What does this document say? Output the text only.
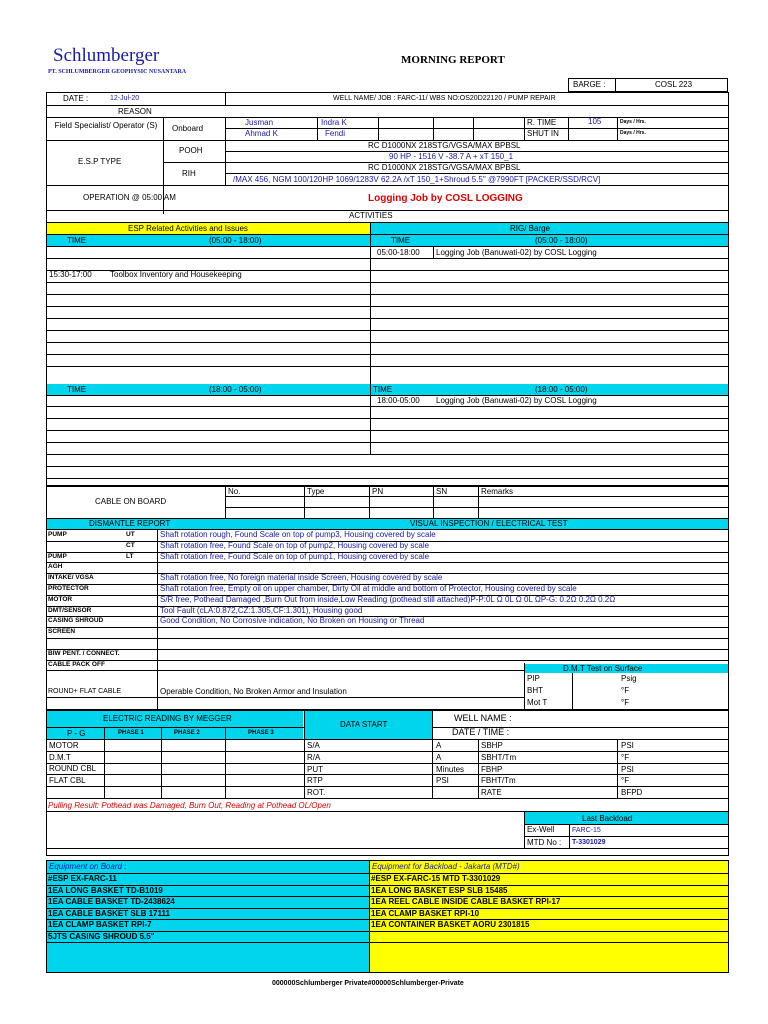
Schlumberger
PT. SCHLUMBERGER GEOPHYSIC NUSANTARA
MORNING REPORT
BARGE :	COSL 223
DATE :	12-Jul-20	WELL NAME/ JOB : FARC-11/ WBS NO:OS20D22120 / PUMP REPAIR
REASON
Field Specialist/ Operator (S)	Onboard
Jusman	Indra K
Ahmad K	Fendi
R. TIME	105	Days / Hrs.
SHUT IN	Days / Hrs.
E.S.P TYPE
POOH
RIH
RC D1000NX 218STG/VGSA/MAX BPBSL
90 HP - 1516 V -38.7 A + xT 150_1
RC D1000NX 218STG/VGSA/MAX BPBSL
/MAX 456, NGM 100/120HP 1069/1283V 62.2A /xT 150_1+Shroud 5.5" @7990FT [PACKER/SSD/RCV]
OPERATION @ 05:00 AM	Logging Job by COSL LOGGING
ACTIVITIES
ESP Related Activities and Issues	RIG/ Barge
TIME	(05:00 - 18:00)	TIME	(05:00 - 18:00)
15:30-17:00 Toolbox Inventory and Housekeeping
05:00-18:00 Logging Job (Banuwati-02) by COSL Logging
TIME	(18:00 - 05:00)	TIME	(18:00 - 05:00)
18:00-05:00 Logging Job (Banuwati-02) by COSL Logging
CABLE ON BOARD
No.	Type	PN	SN	Remarks
DISMANTLE REPORT	VISUAL INSPECTION / ELECTRICAL TEST
PUMP	UT	Shaft rotation rough, Found Scale on top of pump3, Housing covered by scale
CT	Shaft rotation free, Found Scale on top of pump2, Housing covered by scale
PUMP	LT	Shaft rotation free, Found Scale on top of pump1, Housing covered by scale
AGH
INTAKE/ VGSA	Shaft rotation free, No foreign material inside Screen, Housing covered by scale
PROTECTOR	Shaft rotation free, Empty oil on upper chamber, Dirty Oil at middle and bottom of Protector, Housing covered by scale
MOTOR	S/R free, Pothead Damaged ,Burn Out from inside,Low Reading (pothead still attached)P-P:0L Ω 0L Ω 0L ΩP-G: 0.2Ω 0.2Ω 0.2Ω
DMT/SENSOR	Tool Fault (cLA:0.872,CZ:1.305,CF:1.301), Housing good
CASING SHROUD	Good Condition, No Corrosive indication, No Broken on Housing or Thread
SCREEN
BIW PENT. / CONNECT.
CABLE PACK OFF	D.M.T Test on Surface
PIP	Psig
BHT	°F
Mot T	°F
ROUND+ FLAT CABLE	Operable Condition, No Broken Armor and Insulation
ELECTRIC READING BY MEGGER
DATA START
WELL NAME :
DATE / TIME :
P - G	PHASE 1	PHASE 2	PHASE 3
MOTOR
D.M.T
ROUND CBL
FLAT CBL
S/A	A	SBHP	PSI
R/A	A	SBHT/Tm	°F
PUT	Minutes FBHP	PSI
RTP	PSI	FBHT/Tm	°F
ROT.	RATE	BFPD
Pulling Result: Pothead was Damaged, Burn Out, Reading at Pothead OL/Open
Last Backload
Ex-Well	FARC-15
MTD No : T-3301029
Equipment on Board :	Equipment for Backload - Jakarta (MTD#)
#ESP EX-FARC-11	#ESP EX-FARC-15 MTD T-3301029
1EA LONG BASKET TD-B1019	1EA LONG BASKET ESP SLB 15485
1EA CABLE BASKET TD-2438624	1EA REEL CABLE INSIDE CABLE BASKET RPI-17
1EA CABLE BASKET SLB 17111	1EA CLAMP BASKET RPI-10
1EA CLAMP BASKET RPI-7	1EA CONTAINER BASKET AORU 2301815
5JTS CASING SHROUD 5.5"
000000Schlumberger Private#00000Schlumberger-Private
